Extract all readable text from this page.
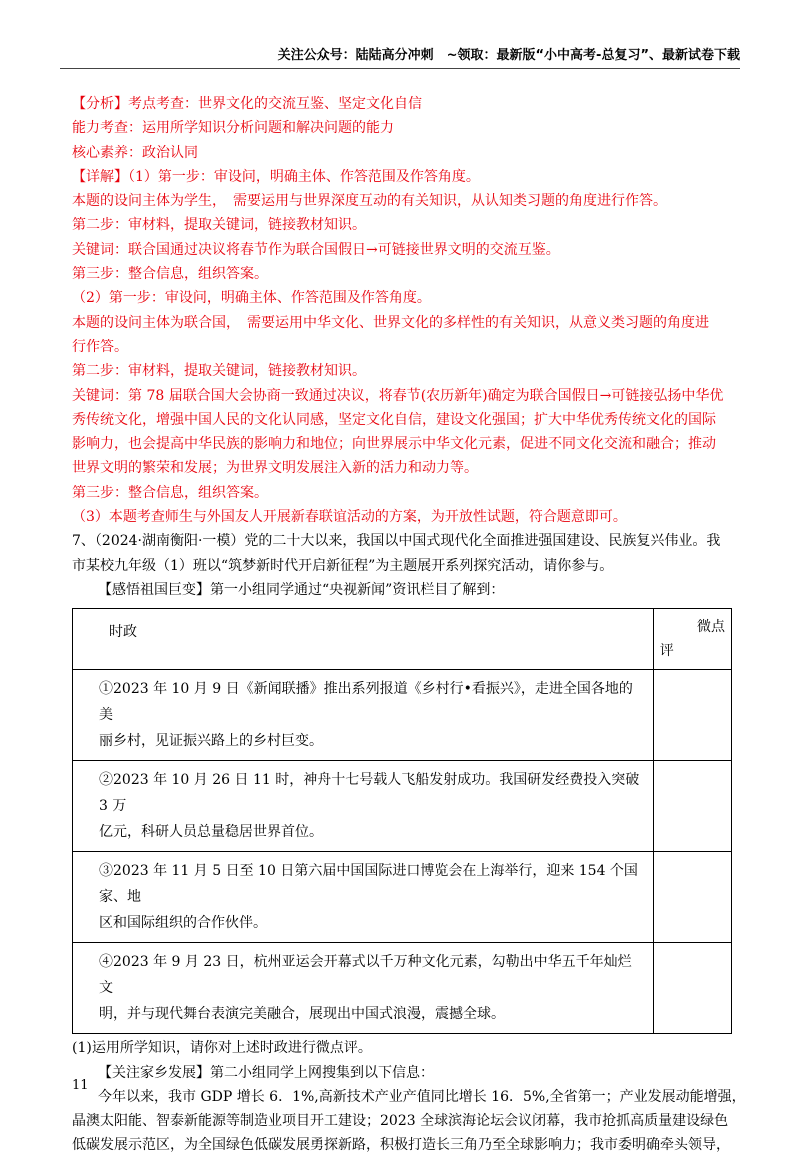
关注公众号：陆陆高分冲刺　~领取：最新版“小中高考-总复习”、最新试卷下载
【分析】考点考查：世界文化的交流互鉴、坚定文化自信
能力考查：运用所学知识分析问题和解决问题的能力
核心素养：政治认同
【详解】（1）第一步：审设问，明确主体、作答范围及作答角度。
本题的设问主体为学生，　需要运用与世界深度互动的有关知识，从认知类习题的角度进行作答。
第二步：审材料，提取关键词，链接教材知识。
关键词：联合国通过决议将春节作为联合国假日→可链接世界文明的交流互鉴。
第三步：整合信息，组织答案。
（2）第一步：审设问，明确主体、作答范围及作答角度。
本题的设问主体为联合国，　需要运用中华文化、世界文化的多样性的有关知识，从意义类习题的角度进
行作答。
第二步：审材料，提取关键词，链接教材知识。
关键词：第 78 届联合国大会协商一致通过决议，将春节(农历新年)确定为联合国假日→可链接弘扬中华优
秀传统文化，增强中国人民的文化认同感，坚定文化自信，建设文化强国；扩大中华优秀传统文化的国际
影响力，也会提高中华民族的影响力和地位；向世界展示中华文化元素，促进不同文化交流和融合；推动
世界文明的繁荣和发展；为世界文明发展注入新的活力和动力等。
第三步：整合信息，组织答案。
（3）本题考查师生与外国友人开展新春联谊活动的方案，为开放性试题，符合题意即可。
7、（2024·湖南衡阳·一模）党的二十大以来，我国以中国式现代化全面推进强国建设、民族复兴伟业。我
市某校九年级（1）班以“筑梦新时代开启新征程”为主题展开系列探究活动，请你参与。
【感悟祖国巨变】第一小组同学通过“央视新闻”资讯栏目了解到：
时政	微点
评

①2023 年 10 月 9 日《新闻联播》推出系列报道《乡村行•看振兴》，走进全国各地的美
丽乡村，见证振兴路上的乡村巨变。	

②2023 年 10 月 26 日 11 时，神舟十七号载人飞船发射成功。我国研发经费投入突破 3 万
亿元，科研人员总量稳居世界首位。	

③2023 年 11 月 5 日至 10 日第六届中国国际进口博览会在上海举行，迎来 154 个国家、地
区和国际组织的合作伙伴。	

④2023 年 9 月 23 日，杭州亚运会开幕式以千万种文化元素，勾勒出中华五千年灿烂文
明，并与现代舞台表演完美融合，展现出中国式浪漫，震撼全球。	

(1)运用所学知识，请你对上述时政进行微点评。
【关注家乡发展】第二小组同学上网搜集到以下信息：
今年以来，我市 GDP 增长 6．1%,高新技术产业产值同比增长 16．5%,全省第一；产业发展动能增强，
晶澳太阳能、智泰新能源等制造业项目开工建设；2023 全球滨海论坛会议闭幕，我市抢抓高质量建设绿色
低碳发展示范区，为全国绿色低碳发展勇探新路，积极打造长三角乃至全球影响力；我市委明确牵头领导，
11
